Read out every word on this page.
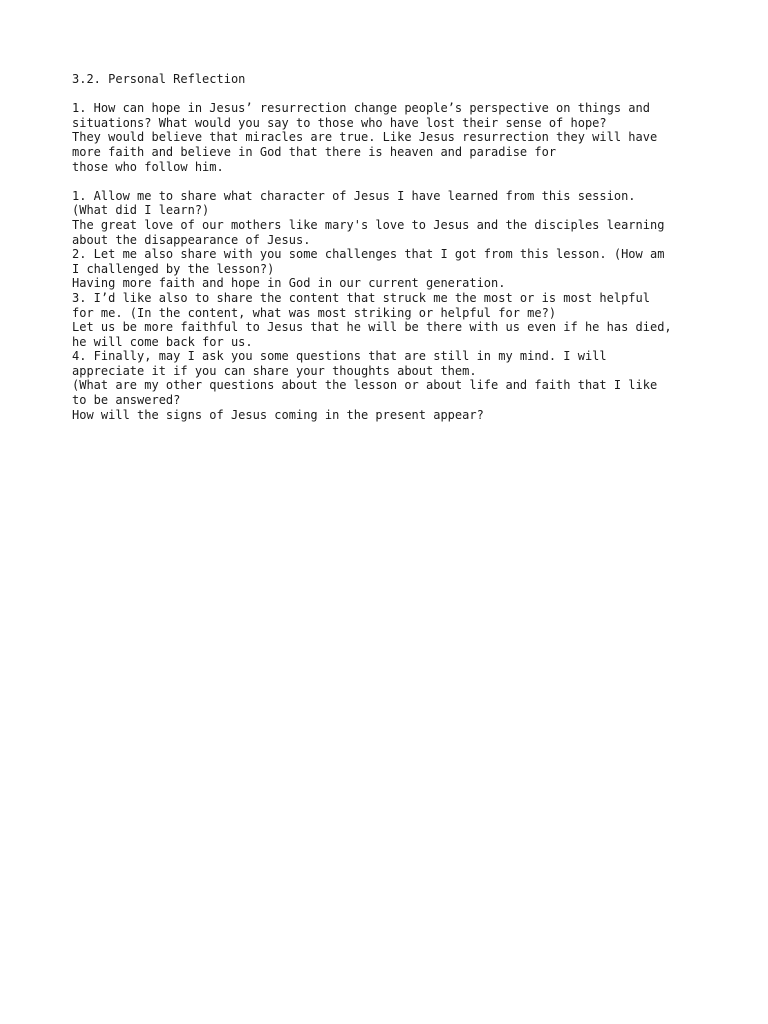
3.2. Personal Reflection
1. How can hope in Jesus’ resurrection change people’s perspective on things and
situations? What would you say to those who have lost their sense of hope?
They would believe that miracles are true. Like Jesus resurrection they will have
more faith and believe in God that there is heaven and paradise for
those who follow him.
1. Allow me to share what character of Jesus I have learned from this session.
(What did I learn?)
The great love of our mothers like mary's love to Jesus and the disciples learning
about the disappearance of Jesus.
2. Let me also share with you some challenges that I got from this lesson. (How am
I challenged by the lesson?)
Having more faith and hope in God in our current generation.
3. I’d like also to share the content that struck me the most or is most helpful
for me. (In the content, what was most striking or helpful for me?)
Let us be more faithful to Jesus that he will be there with us even if he has died,
he will come back for us.
4. Finally, may I ask you some questions that are still in my mind. I will
appreciate it if you can share your thoughts about them.
(What are my other questions about the lesson or about life and faith that I like
to be answered?
How will the signs of Jesus coming in the present appear?
